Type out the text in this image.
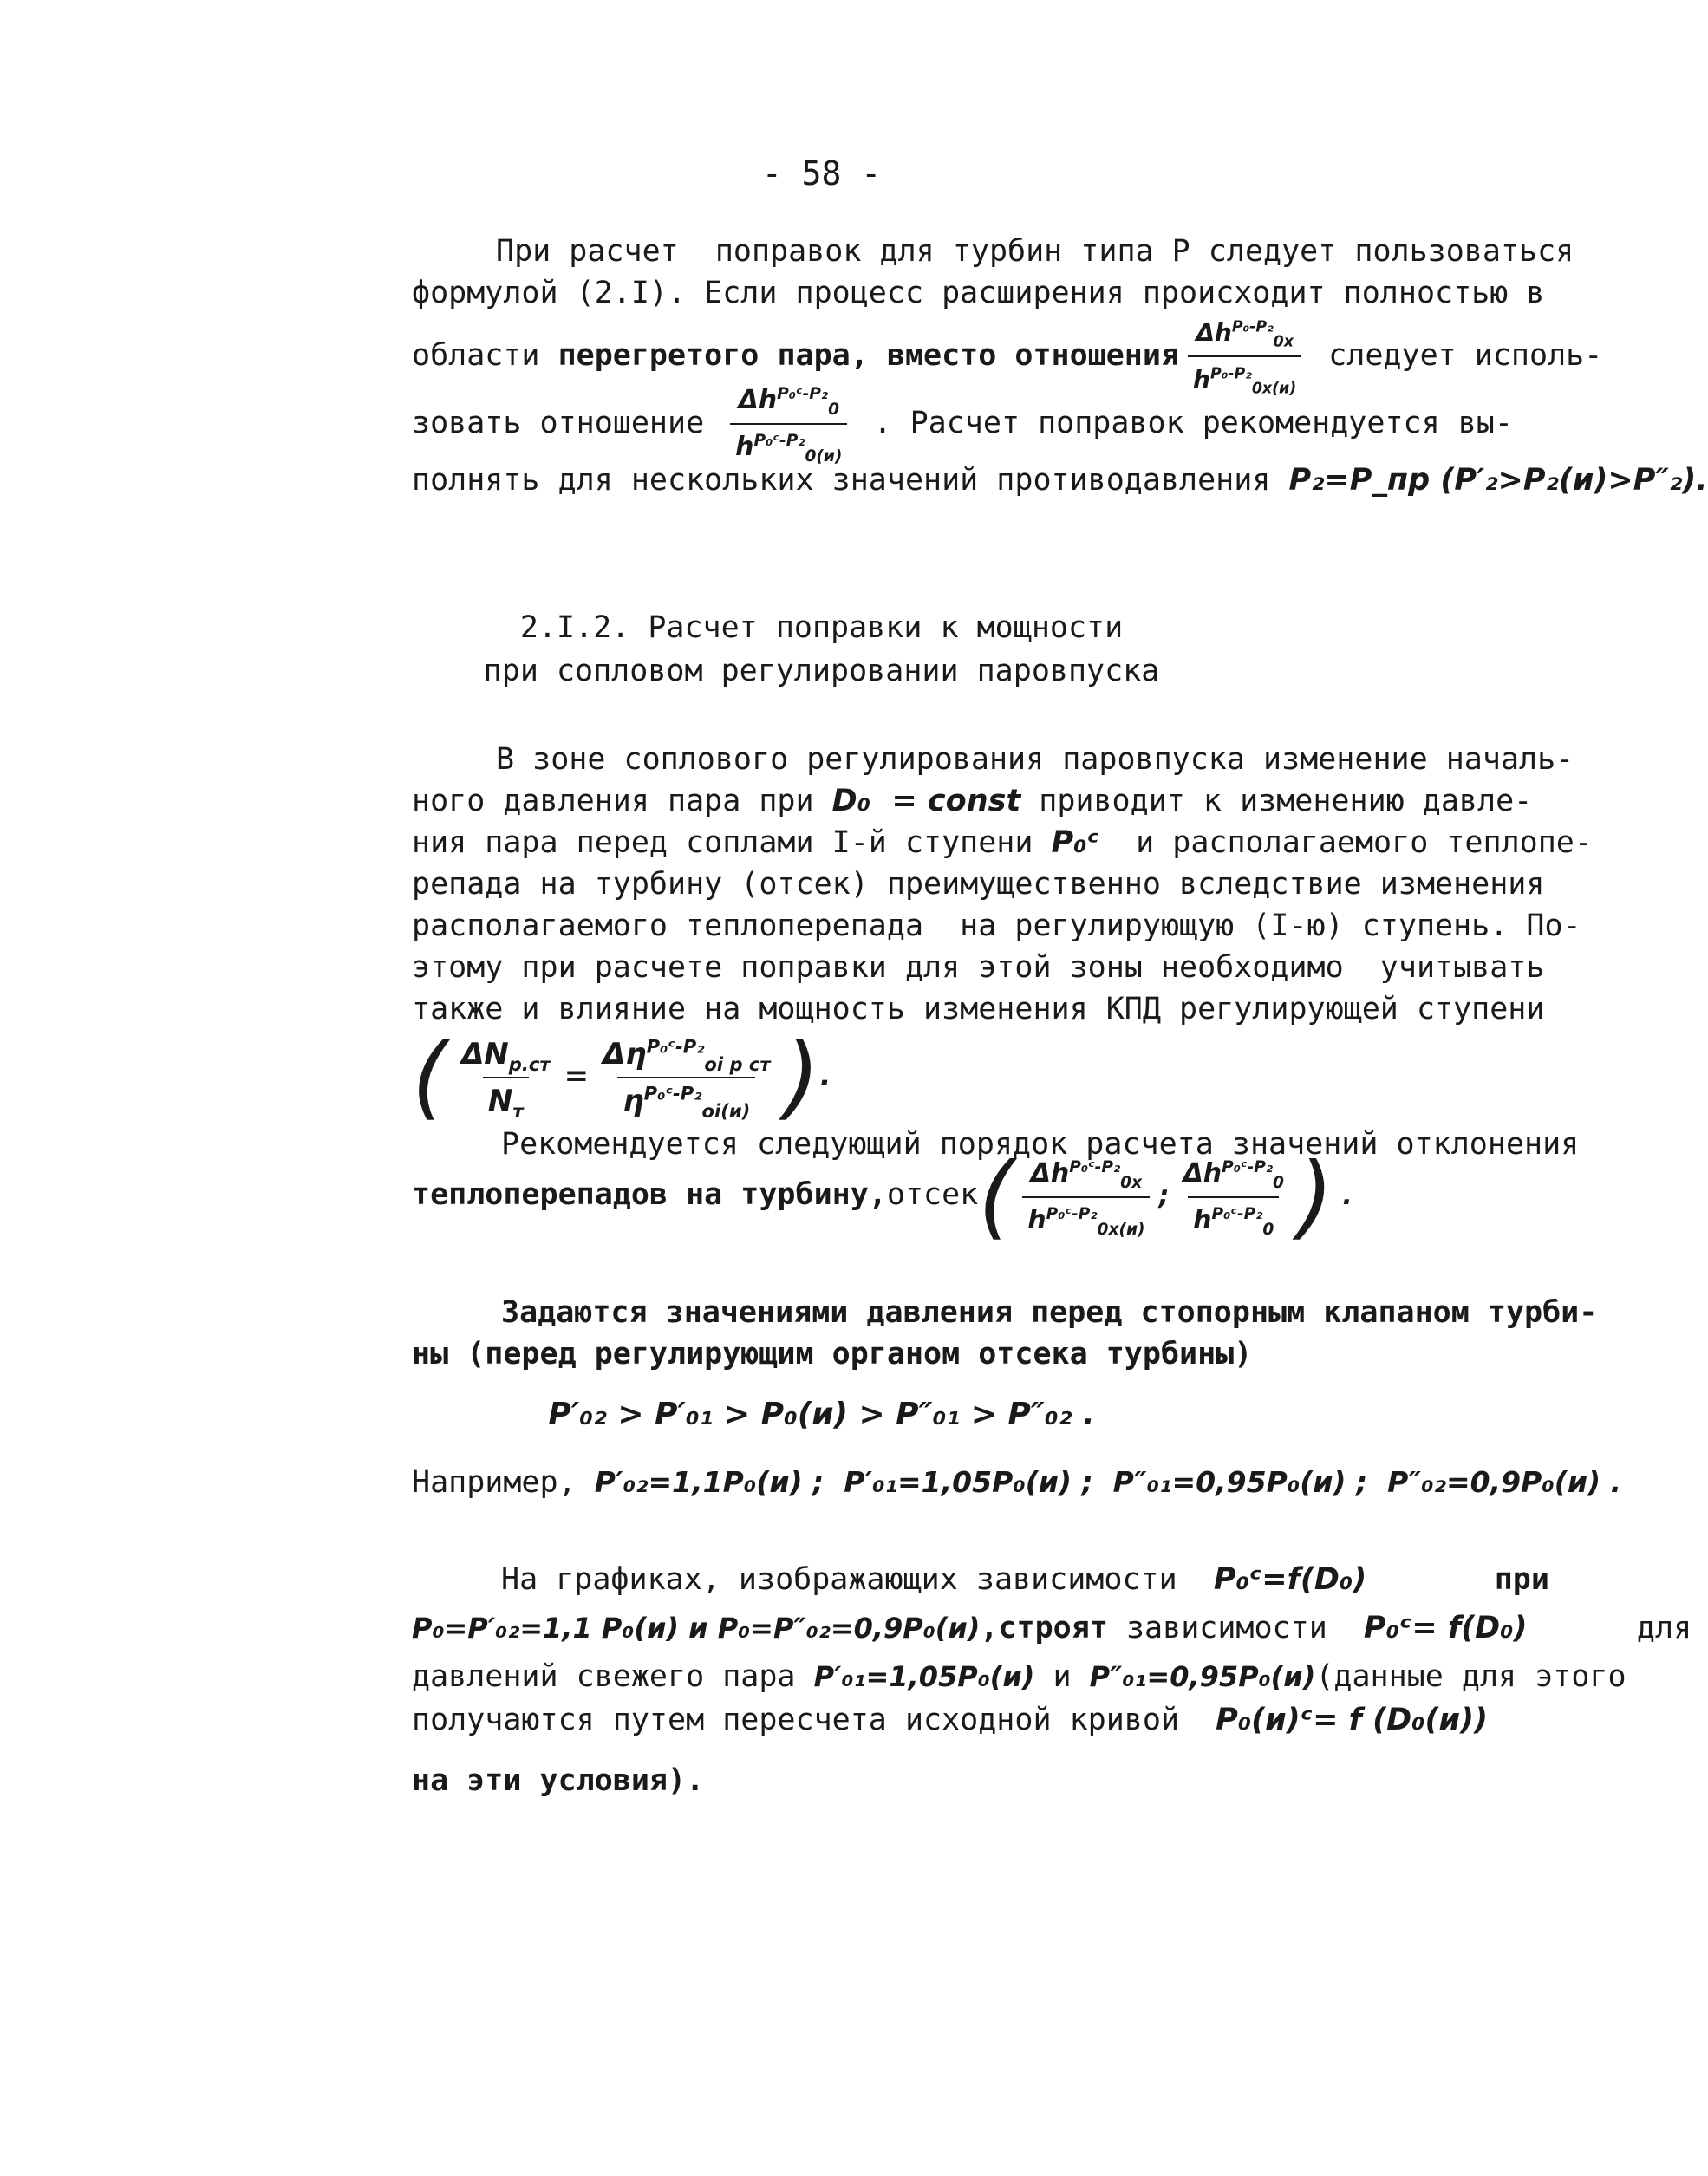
- 58 -
При расчет  поправок для турбин типа Р следует пользоваться
формулой (2.I). Если процесс расширения происходит полностью в
области перегретого пара, вместо отношения $\frac{\Delta h^{P_0-P_2}_{0x}}{h^{P_0-P_2}_{0x(и)}}$ следует исполь-
зовать отношение $\frac{\Delta h^{P_0ᶜ-P_2}_0}{h^{P_0ᶜ-P_2}_{0(и)}}$ . Расчет поправок рекомендуется вы-
полнять для нескольких значений противодавления P₂=P_пр (P′₂>P₂(и)>P″₂).
2.I.2. Расчет поправки к мощности
при сопловом регулировании паровпуска
В зоне соплового регулирования паровпуска изменение началь-
ного давления пара при D₀  = const приводит к изменению давле-
ния пара перед соплами I-й ступени P₀ᶜ  и располагаемого теплопе-
репада на турбину (отсек) преимущественно вследствие изменения
располагаемого теплоперепада  на регулирующую (I-ю) ступень. По-
этому при расчете поправки для этой зоны необходимо  учитывать
также и влияние на мощность изменения КПД регулирующей ступени
( $\frac{\Delta N_{р.ст}}{N_т} = \frac{\Delta\eta^{P_0ᶜ-P_2}_{oi р ст}}{\eta^{P_0ᶜ-P_2}_{oi(и)}}$ ).
Рекомендуется следующий порядок расчета значений отклонения
теплоперепадов на турбину,отсек( $\frac{\Delta h^{P_0ᶜ-P_2}_{0x}}{h^{P_0ᶜ-P_2}_{0x(и)}}$ ; $\frac{\Delta h^{P_0ᶜ-P_2}_0}{h^{P_0ᶜ-P_2}_0}$ ) .
Задаются значениями давления перед стопорным клапаном турби-
ны (перед регулирующим органом отсека турбины)
P′₀₂ > P′₀₁ > P₀(и) > P″₀₁ > P″₀₂ .
Например, P′₀₂=1,1P₀(и) ;  P′₀₁=1,05P₀(и) ;  P″₀₁=0,95P₀(и) ;  P″₀₂=0,9P₀(и) .
На графиках, изображающих зависимости  P₀ᶜ=f(D₀)       при
P₀=P′₀₂=1,1 P₀(и) и P₀=P″₀₂=0,9P₀(и),строят зависимости  P₀ᶜ= f(D₀)      для
давлений свежего пара P′₀₁=1,05P₀(и) и P″₀₁=0,95P₀(и)(данные для этого
получаются путем пересчета исходной кривой  P₀(и)ᶜ= f (D₀(и))
на эти условия).
